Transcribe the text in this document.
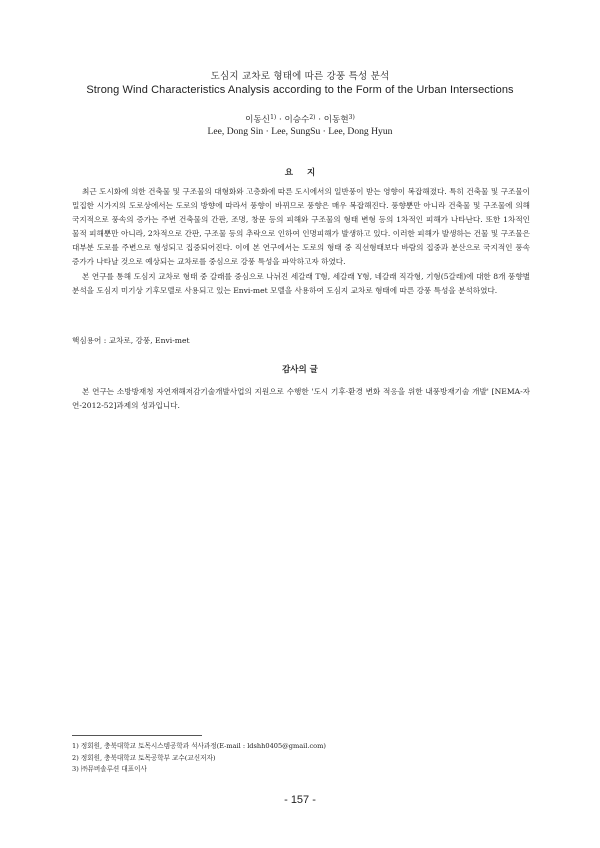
도심지 교차로 형태에 따른 강풍 특성 분석
Strong Wind Characteristics Analysis according to the Form of the Urban Intersections
이동신$^{1)}$ · 이승수$^{2)}$ · 이동현$^{3)}$
Lee, Dong Sin · Lee, SungSu · Lee, Dong Hyun
요지

최근 도시화에 의한 건축물 및 구조물의 대형화와 고층화에 따른 도시에서의 일반풍이 받는 영향이 복잡해졌다. 특히 건축물 및 구조물이 밀집한 시가지의 도로상에서는 도로의 방향에 따라서 풍향이 바뀌므로 풍향은 매우 복잡해진다. 풍향뿐만 아니라 건축물 및 구조물에 의해 국지적으로 풍속의 증가는 주변 건축물의 간판, 조명, 창문 등의 피해와 구조물의 형태 변형 등의 1차적인 피해가 나타난다. 또한 1차적인 물적 피해뿐만 아니라, 2차적으로 간판, 구조물 등의 추락으로 인하여 인명피해가 발생하고 있다. 이러한 피해가 발생하는 건물 및 구조물은 대부분 도로를 주변으로 형성되고 집중되어진다. 이에 본 연구에서는 도로의 형태 중 직선형태보다 바람의 집중과 분산으로 국지적인 풍속 증가가 나타날 것으로 예상되는 교차로를 중심으로 강풍 특성을 파악하고자 하였다.

본 연구를 통해 도심지 교차로 형태 중 갈래를 중심으로 나뉘진 세갈래 T형, 세갈래 Y형, 네갈래 직각형, 기형(5갈래)에 대한 8개 풍향별 분석을 도심지 미기상 기후모델로 사용되고 있는 Envi-met 모델을 사용하여 도심지 교차로 형태에 따른 강풍 특성을 분석하였다.

핵심용어 : 교차로, 강풍, Envi-met
감사의 글

본 연구는 소방방재청 자연재해저감기술개발사업의 지원으로 수행한 '도시 기후·환경 변화 적응을 위한 내풍방재기술 개발' [NEMA-자연-2012-52]과제의 성과입니다.

1) 정회원, 충북대학교 토목시스템공학과 석사과정(E-mail : ldshh0405@gmail.com)
2) 정회원, 충북대학교 토목공학부 교수(교신저자)
3) ㈜뮤버솔루션 대표이사
- 157 -
